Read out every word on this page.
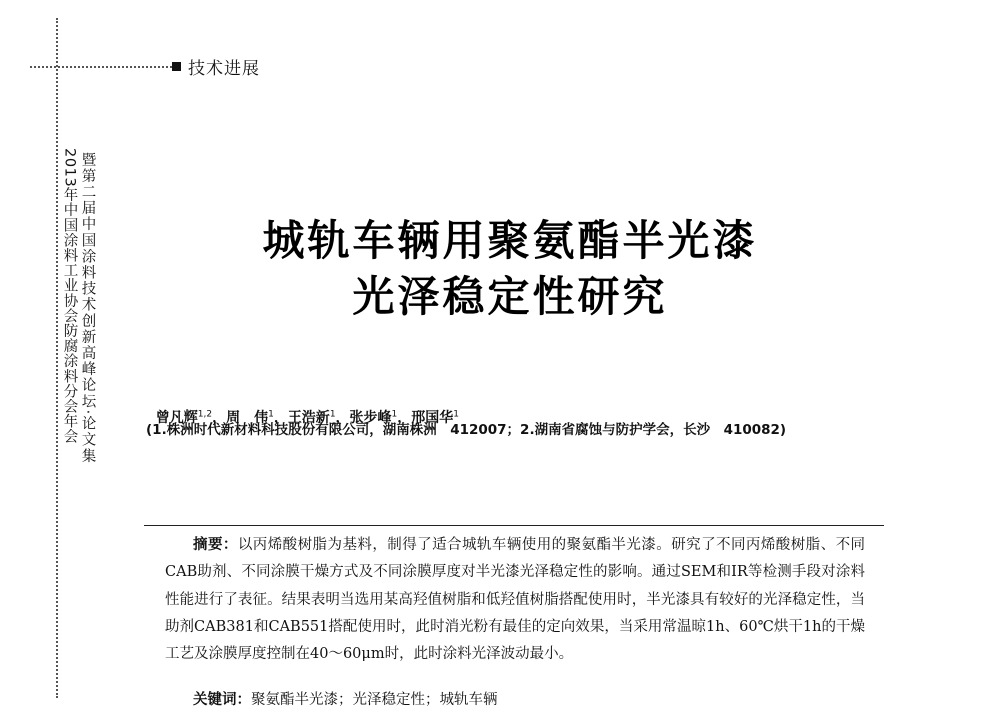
技术进展
暨第二届中国涂料技术创新高峰论坛·论文集
2013年中国涂料工业协会防腐涂料分会年会	城轨车辆用聚氨酯半光漆
光泽稳定性研究

曾凡辉$^{1,2}$，周　伟$^1$，王浩新$^1$，张步峰$^1$，邢国华$^1$

(1.株洲时代新材料科技股份有限公司，湖南株洲　412007；2.湖南省腐蚀与防护学会，长沙　410082)
摘要：以丙烯酸树脂为基料，制得了适合城轨车辆使用的聚氨酯半光漆。研究了不同丙烯酸树脂、不同CAB助剂、不同涂膜干燥方式及不同涂膜厚度对半光漆光泽稳定性的影响。通过SEM和IR等检测手段对涂料性能进行了表征。结果表明当选用某高羟值树脂和低羟值树脂搭配使用时，半光漆具有较好的光泽稳定性，当助剂CAB381和CAB551搭配使用时，此时消光粉有最佳的定向效果，当采用常温晾1h、60℃烘干1h的干燥工艺及涂膜厚度控制在40～60μm时，此时涂料光泽波动最小。
关键词：聚氨酯半光漆；光泽稳定性；城轨车辆
